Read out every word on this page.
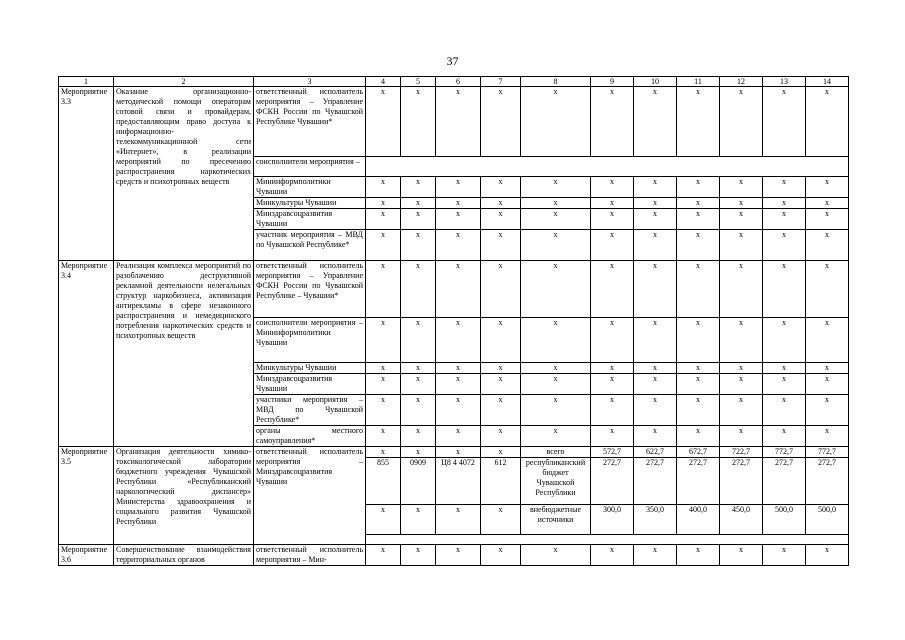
37
1	2	3	4	5	6	7	8	9	10	11	12	13	14
Мероприятие 3.3	Оказание организационно-методической помощи операторам сотовой связи и провайдерам, предоставляющим право доступа к информационно-телекоммуникационной сети «Интернет», в реализации мероприятий по пресечению распространения наркотических средств и психотропных веществ	ответственный исполнитель мероприятия – Управление ФСКН России по Чувашской Республике Чувашии*	х	х	х	х	х	х	х	х	х	х	х
		соисполнители мероприятия –											
		Мининформполитики Чувашии	х	х	х	х	х	х	х	х	х	х	х
		Минкультуры Чувашии	х	х	х	х	х	х	х	х	х	х	х
		Минздравсоцразвития Чувашии	х	х	х	х	х	х	х	х	х	х	х
		участник мероприятия – МВД по Чувашской Республике*	х	х	х	х	х	х	х	х	х	х	х
Мероприятие 3.4	Реализация комплекса мероприятий по разоблачению деструктивной рекламной деятельности нелегальных структур наркобизнеса, активизация антирекламы в сфере незаконного распространения и немедицинского потребления наркотических средств и психотропных веществ	ответственный исполнитель мероприятия – Управление ФСКН России по Чувашской Республике – Чувашии*	х	х	х	х	х	х	х	х	х	х	х
		соисполнители мероприятия – Мининформполитики Чувашии	х	х	х	х	х	х	х	х	х	х	х
		Минкультуры Чувашии	х	х	х	х	х	х	х	х	х	х	х
		Минздравсоцразвития Чувашии	х	х	х	х	х	х	х	х	х	х	х
		участники мероприятия – МВД по Чувашской Республике*	х	х	х	х	х	х	х	х	х	х	х
		органы местного самоуправления*	х	х	х	х	х	х	х	х	х	х	х
Мероприятие 3.5	Организация деятельности химико-токсикологической лаборатории бюджетного учреждения Чувашской Республики «Республиканский наркологический диспансер» Министерства здравоохранения и социального развития Чувашской Республики	ответственный исполнитель мероприятия – Минздравсоцразвития Чувашии	х	х	х	х	всего	572,7	622,7	672,7	722,7	772,7	772,7
			855	0909	Ц8 4 4072	612	республиканский бюджет Чувашской Республики	272,7	272,7	272,7	272,7	272,7	272,7
			х	х	х	х	внебюджетные источники	300,0	350,0	400,0	450,0	500,0	500,0

Мероприятие 3.6	Совершенствование взаимодействия территориальных органов	ответственный исполнитель мероприятия – Мин-	х	х	х	х	х	х	х	х	х	х	х
